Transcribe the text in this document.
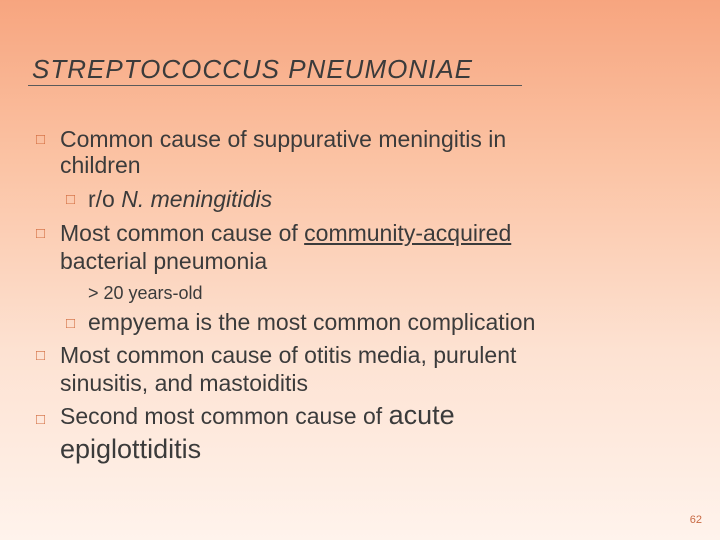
STREPTOCOCCUS PNEUMONIAE
□ Common cause of suppurative meningitis in
children
□ r/o N. meningitidis
□ Most common cause of community-acquired
bacterial pneumonia
> 20 years-old
□ empyema is the most common complication
□ Most common cause of otitis media, purulent
sinusitis, and mastoiditis
□ Second most common cause of acute
epiglottiditis
62
